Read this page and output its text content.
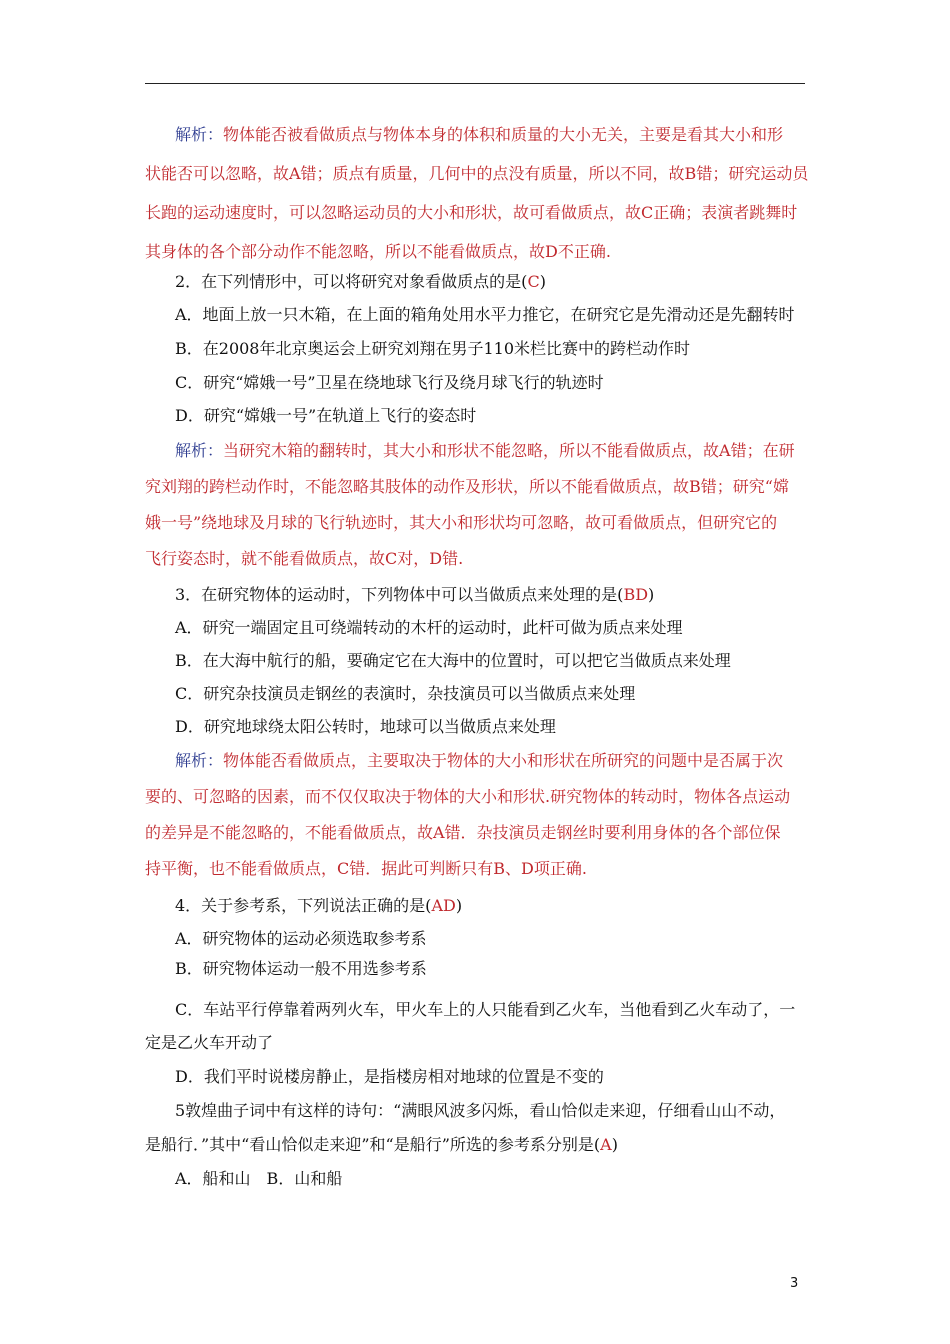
解析：物体能否被看做质点与物体本身的体积和质量的大小无关，主要是看其大小和形
状能否可以忽略，故A错；质点有质量，几何中的点没有质量，所以不同，故B错；研究运动员
长跑的运动速度时，可以忽略运动员的大小和形状，故可看做质点，故C正确；表演者跳舞时
其身体的各个部分动作不能忽略，所以不能看做质点，故D不正确.
2．在下列情形中，可以将研究对象看做质点的是(C)
A．地面上放一只木箱，在上面的箱角处用水平力推它，在研究它是先滑动还是先翻转时
B．在2008年北京奥运会上研究刘翔在男子110米栏比赛中的跨栏动作时
C．研究“嫦娥一号”卫星在绕地球飞行及绕月球飞行的轨迹时
D．研究“嫦娥一号”在轨道上飞行的姿态时
解析：当研究木箱的翻转时，其大小和形状不能忽略，所以不能看做质点，故A错；在研
究刘翔的跨栏动作时，不能忽略其肢体的动作及形状，所以不能看做质点，故B错；研究“嫦
娥一号”绕地球及月球的飞行轨迹时，其大小和形状均可忽略，故可看做质点，但研究它的
飞行姿态时，就不能看做质点，故C对，D错.
3．在研究物体的运动时，下列物体中可以当做质点来处理的是(BD)
A．研究一端固定且可绕端转动的木杆的运动时，此杆可做为质点来处理
B．在大海中航行的船，要确定它在大海中的位置时，可以把它当做质点来处理
C．研究杂技演员走钢丝的表演时，杂技演员可以当做质点来处理
D．研究地球绕太阳公转时，地球可以当做质点来处理
解析：物体能否看做质点，主要取决于物体的大小和形状在所研究的问题中是否属于次
要的、可忽略的因素，而不仅仅取决于物体的大小和形状.研究物体的转动时，物体各点运动
的差异是不能忽略的，不能看做质点，故A错．杂技演员走钢丝时要利用身体的各个部位保
持平衡，也不能看做质点，C错．据此可判断只有B、D项正确.
4．关于参考系，下列说法正确的是(AD)
A．研究物体的运动必须选取参考系
B．研究物体运动一般不用选参考系
C．车站平行停靠着两列火车，甲火车上的人只能看到乙火车，当他看到乙火车动了，一
定是乙火车开动了
D．我们平时说楼房静止，是指楼房相对地球的位置是不变的
5敦煌曲子词中有这样的诗句：“满眼风波多闪烁，看山恰似走来迎，仔细看山山不动，
是船行．”其中“看山恰似走来迎”和“是船行”所选的参考系分别是(A)
A．船和山　B．山和船
3
